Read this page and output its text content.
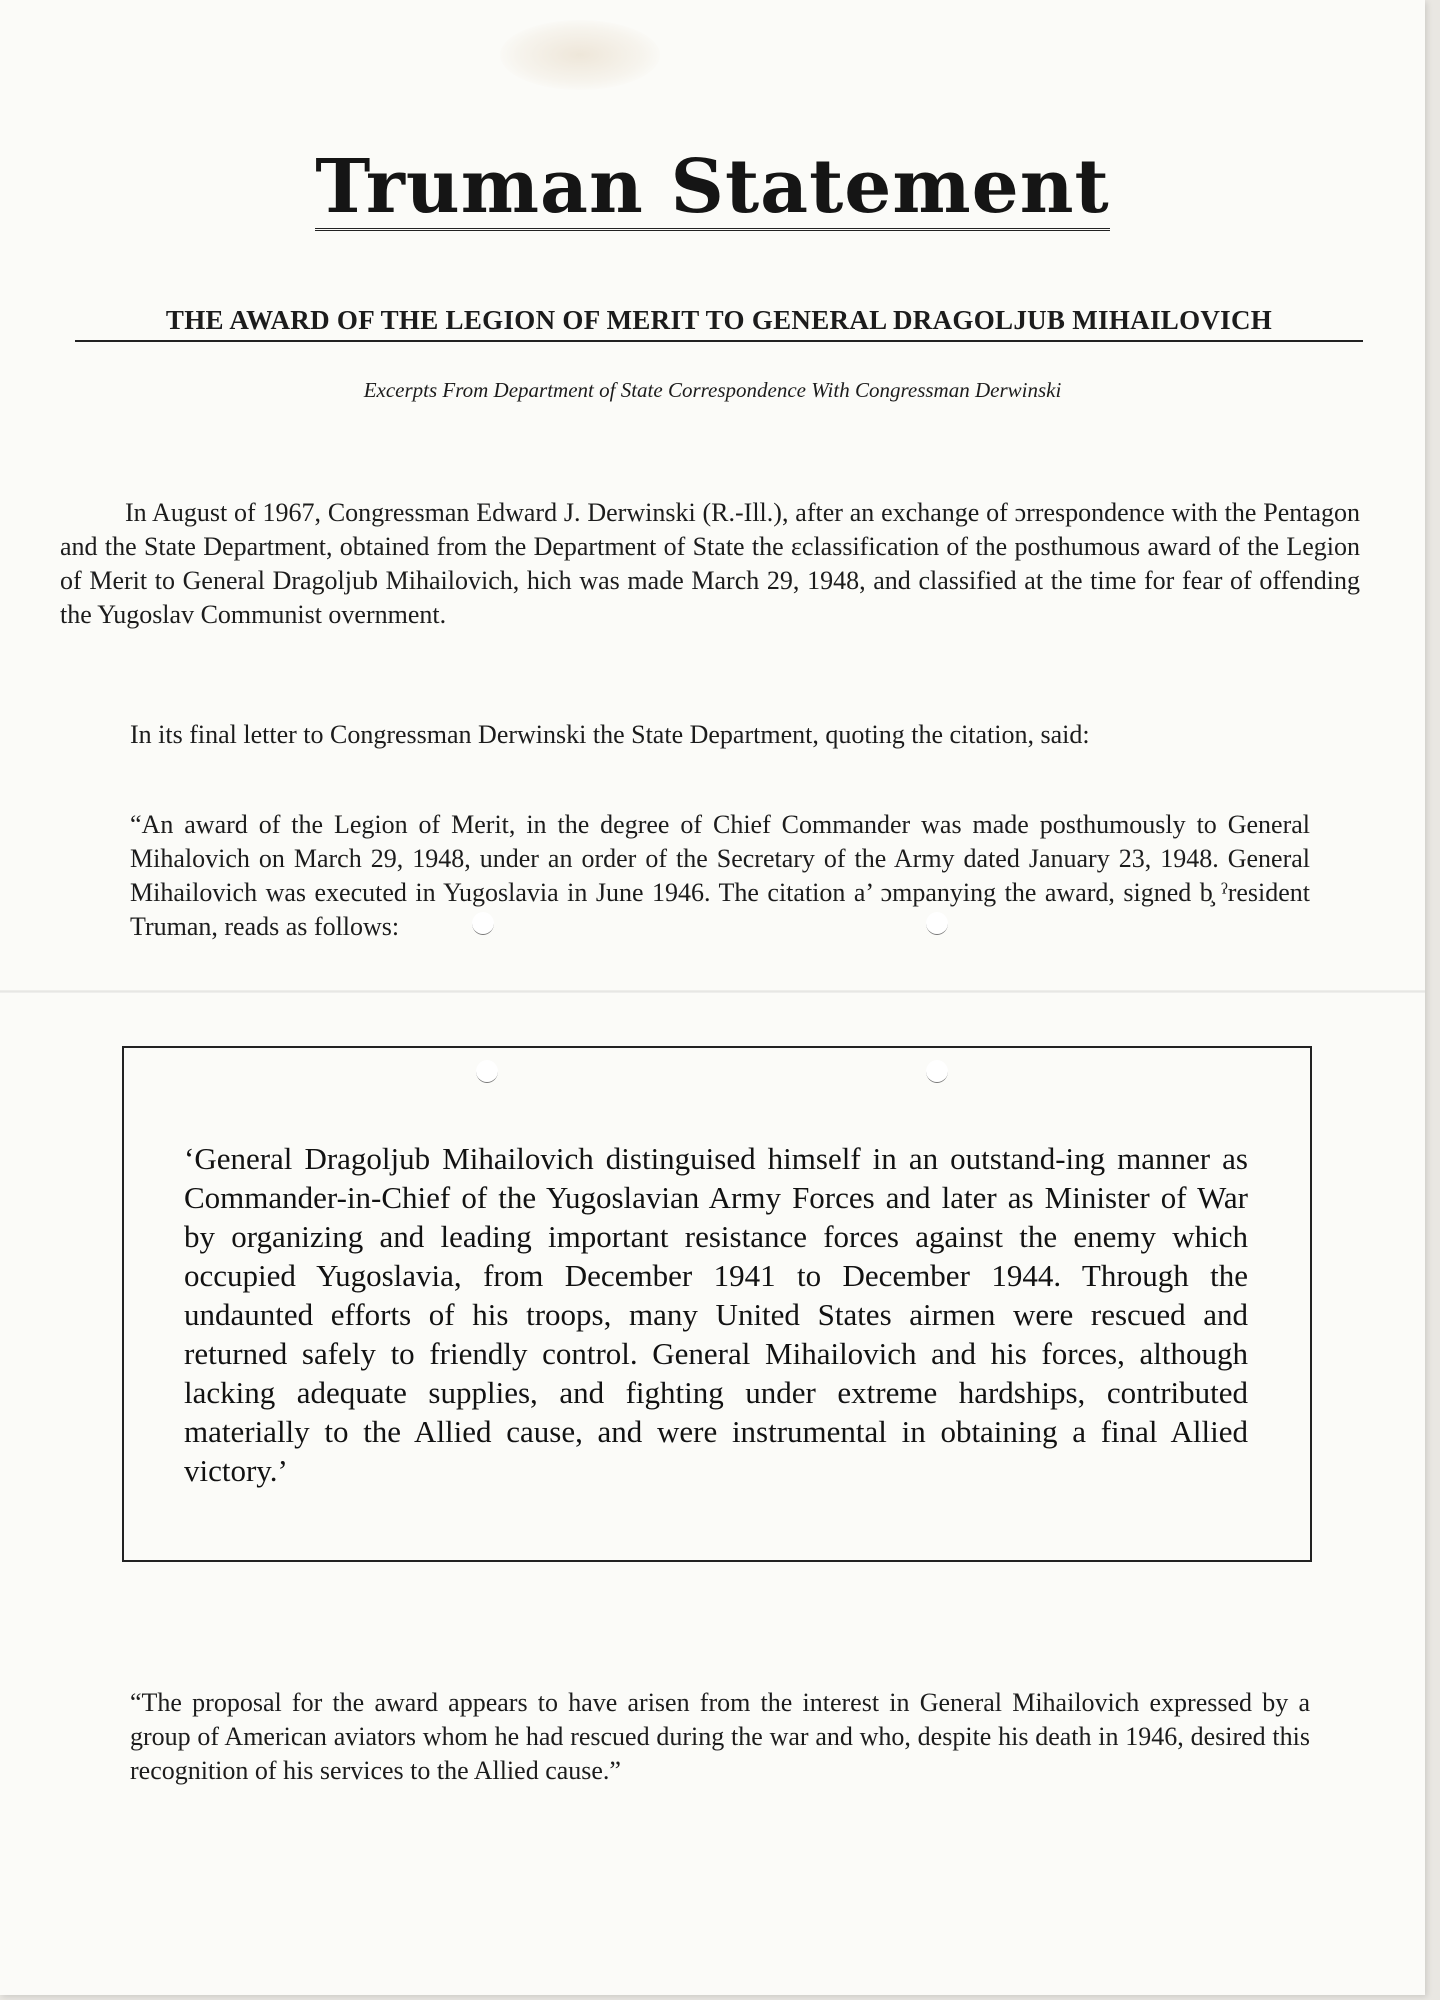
Truman Statement
THE AWARD OF THE LEGION OF MERIT TO GENERAL DRAGOLJUB MIHAILOVICH
Excerpts From Department of State Correspondence With Congressman Derwinski

In August of 1967, Congressman Edward J. Derwinski (R.-Ill.), after an exchange of ɔrrespondence with the Pentagon and the State Department, obtained from the Department of State the ɛclassification of the posthumous award of the Legion of Merit to General Dragoljub Mihailovich, hich was made March 29, 1948, and classified at the time for fear of offending the Yugoslav Communist overnment.

In its final letter to Congressman Derwinski the State Department, quoting the citation, said:

“An award of the Legion of Merit, in the degree of Chief Commander was made posthumously to General Mihalovich on March 29, 1948, under an order of the Secretary of the Army dated January 23, 1948. General Mihailovich was executed in Yugoslavia in June 1946. The citation a’ ɔmpanying the award, signed b̧ ˀresident Truman, reads as follows:

‘General Dragoljub Mihailovich distinguised himself in an outstand-ing manner as Commander-in-Chief of the Yugoslavian Army Forces and later as Minister of War by organizing and leading important resistance forces against the enemy which occupied Yugoslavia, from December 1941 to December 1944. Through the undaunted efforts of his troops, many United States airmen were rescued and returned safely to friendly control. General Mihailovich and his forces, although lacking adequate supplies, and fighting under extreme hardships, contributed materially to the Allied cause, and were instrumental in obtaining a final Allied victory.’

“The proposal for the award appears to have arisen from the interest in General Mihailovich expressed by a group of American aviators whom he had rescued during the war and who, despite his death in 1946, desired this recognition of his services to the Allied cause.”
